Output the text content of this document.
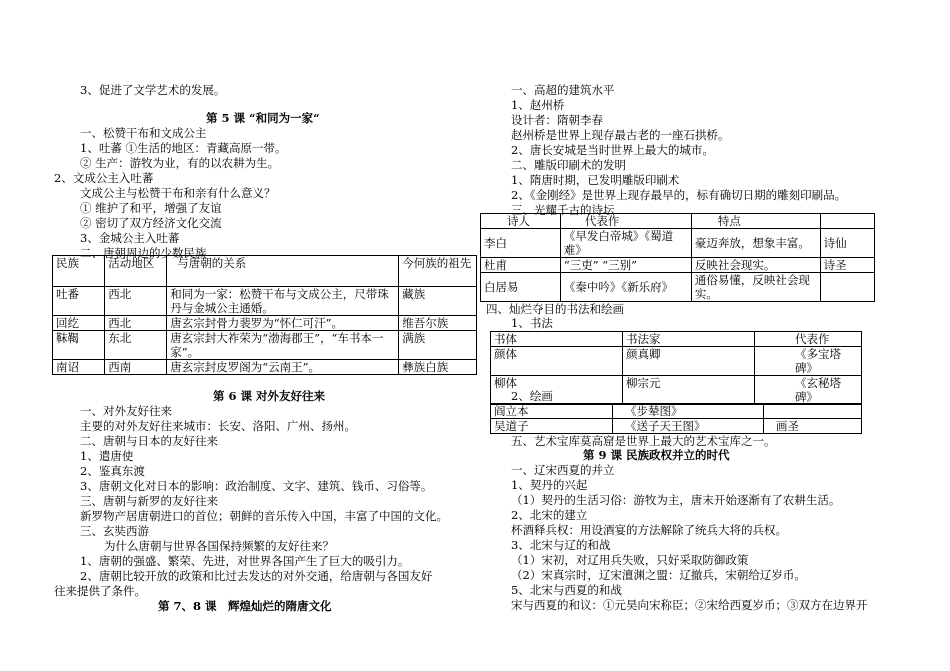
3、促进了文学艺术的发展。
第 5 课 “和同为一家“
一、松赞干布和文成公主
1、吐蕃 ①生活的地区：青藏高原一带。
② 生产：游牧为业，有的以农耕为生。
2、文成公主入吐蕃
文成公主与松赞干布和亲有什么意义？
① 维护了和平，增强了友谊
② 密切了双方经济文化交流
3、金城公主入吐蕃
二、唐朝周边的少数民族
民族	活动地区	与唐朝的关系	今何族的祖先
吐番	西北	和同为一家：松赞干布与文成公主，尺带珠丹与金城公主通婚。	藏族
回纥	西北	唐玄宗封骨力裴罗为“怀仁可汗”。	维吾尔族
靺鞨	东北	唐玄宗封大祚荣为“渤海郡王”，“车书本一家”。	满族
南诏	西南	唐玄宗封皮罗阁为“云南王”。	彝族白族
第 6 课 对外友好往来
一、对外友好往来
主要的对外友好往来城市：长安、洛阳、广州、扬州。
二、唐朝与日本的友好往来
1、遣唐使
2、鉴真东渡
3、唐朝文化对日本的影响：政治制度、文字、建筑、钱币、习俗等。
三、唐朝与新罗的友好往来
新罗物产居唐朝进口的首位；朝鲜的音乐传入中国，丰富了中国的文化。
三、玄奘西游
为什么唐朝与世界各国保持频繁的友好往来？
1、唐朝的强盛、繁荣、先进，对世界各国产生了巨大的吸引力。
2、唐朝比较开放的政策和比过去发达的对外交通，给唐朝与各国友好
往来提供了条件。
第 7、8 课　辉煌灿烂的隋唐文化
一、高超的建筑水平
1、赵州桥
设计者：隋朝李春
赵州桥是世界上现存最古老的一座石拱桥。
2、唐长安城是当时世界上最大的城市。
二、雕版印刷术的发明
1、隋唐时期，已发明雕版印刷术
2、《金刚经》是世界上现存最早的，标有确切日期的雕刻印刷品。
三、光耀千古的诗坛
诗人	代表作	特点	
李白	《早发白帝城》《蜀道难》	豪迈奔放，想象丰富。	诗仙
杜甫	“三吏” “三别”	反映社会现实。	诗圣
白居易	《秦中吟》《新乐府》	通俗易懂，反映社会现实。	
四、灿烂夺目的书法和绘画
1、书法
书体	书法家	代表作
颜体	颜真卿	《多宝塔碑》
柳体	柳宗元	《玄秘塔碑》
2、绘画
阎立本	《步辇图》	
吴道子	《送子天王图》	画圣
五、艺术宝库莫高窟是世界上最大的艺术宝库之一。
第 9 课 民族政权并立的时代
一、辽宋西夏的并立
1、契丹的兴起
（1）契丹的生活习俗：游牧为主，唐末开始逐渐有了农耕生活。
2、北宋的建立
杯酒释兵权：用设酒宴的方法解除了统兵大将的兵权。
3、北宋与辽的和战
（1）宋初，对辽用兵失败，只好采取防御政策
（2）宋真宗时，辽宋澶渊之盟：辽撤兵，宋朝给辽岁币。
5、北宋与西夏的和战
宋与西夏的和议：①元昊向宋称臣；②宋给西夏岁币；③双方在边界开
